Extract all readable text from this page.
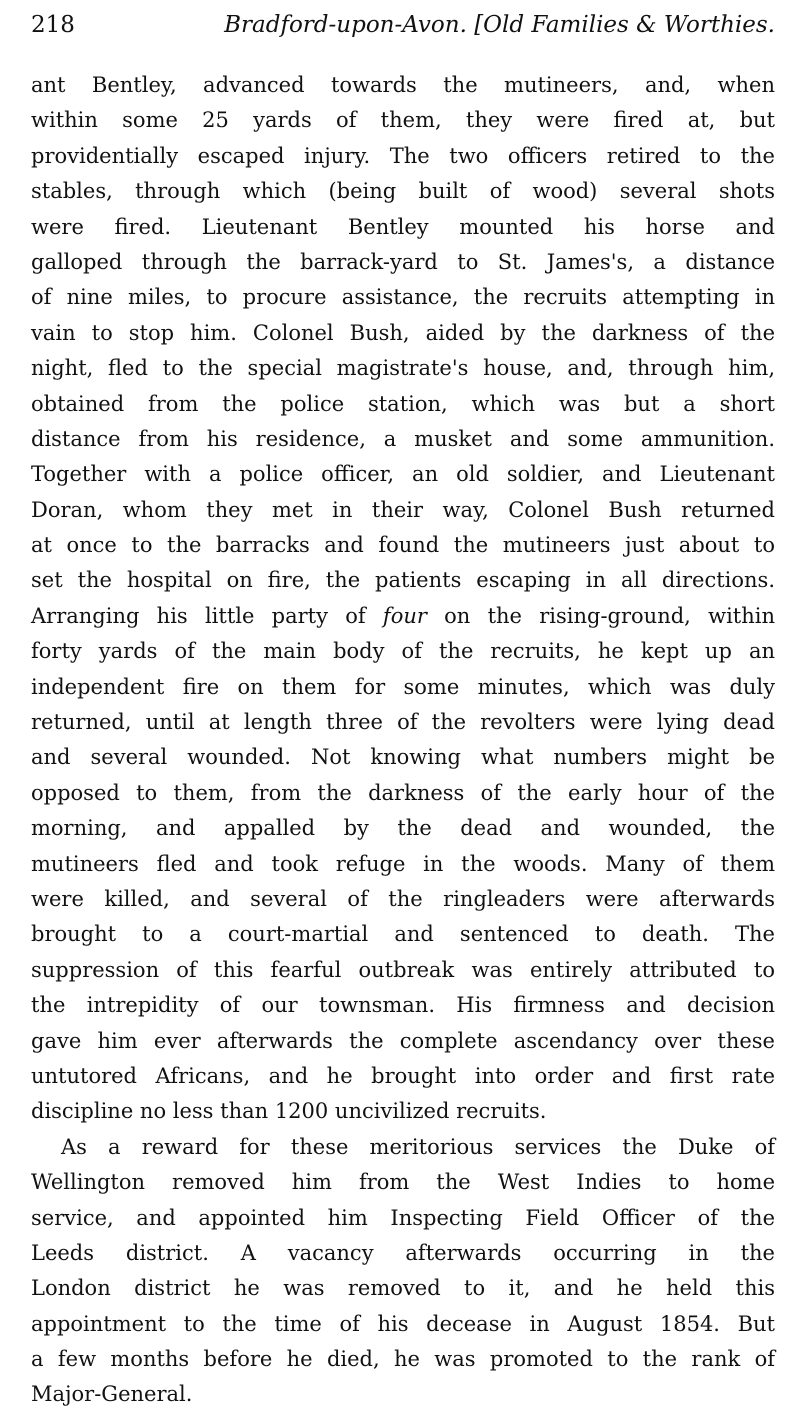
218	Bradford-upon-Avon. [Old Families & Worthies.
ant Bentley, advanced towards the mutineers, and, when
within some 25 yards of them, they were fired at, but
providentially escaped injury. The two officers retired to the
stables, through which (being built of wood) several shots
were fired. Lieutenant Bentley mounted his horse and
galloped through the barrack-yard to St. James's, a distance
of nine miles, to procure assistance, the recruits attempting in
vain to stop him. Colonel Bush, aided by the darkness of the
night, fled to the special magistrate's house, and, through him,
obtained from the police station, which was but a short
distance from his residence, a musket and some ammunition.
Together with a police officer, an old soldier, and Lieutenant
Doran, whom they met in their way, Colonel Bush returned
at once to the barracks and found the mutineers just about to
set the hospital on fire, the patients escaping in all directions.
Arranging his little party of four on the rising-ground, within
forty yards of the main body of the recruits, he kept up an
independent fire on them for some minutes, which was duly
returned, until at length three of the revolters were lying dead
and several wounded. Not knowing what numbers might be
opposed to them, from the darkness of the early hour of the
morning, and appalled by the dead and wounded, the
mutineers fled and took refuge in the woods. Many of them
were killed, and several of the ringleaders were afterwards
brought to a court-martial and sentenced to death. The
suppression of this fearful outbreak was entirely attributed to
the intrepidity of our townsman. His firmness and decision
gave him ever afterwards the complete ascendancy over these
untutored Africans, and he brought into order and first rate
discipline no less than 1200 uncivilized recruits.
As a reward for these meritorious services the Duke of
Wellington removed him from the West Indies to home
service, and appointed him Inspecting Field Officer of the
Leeds district. A vacancy afterwards occurring in the
London district he was removed to it, and he held this
appointment to the time of his decease in August 1854. But
a few months before he died, he was promoted to the rank of
Major-General.
